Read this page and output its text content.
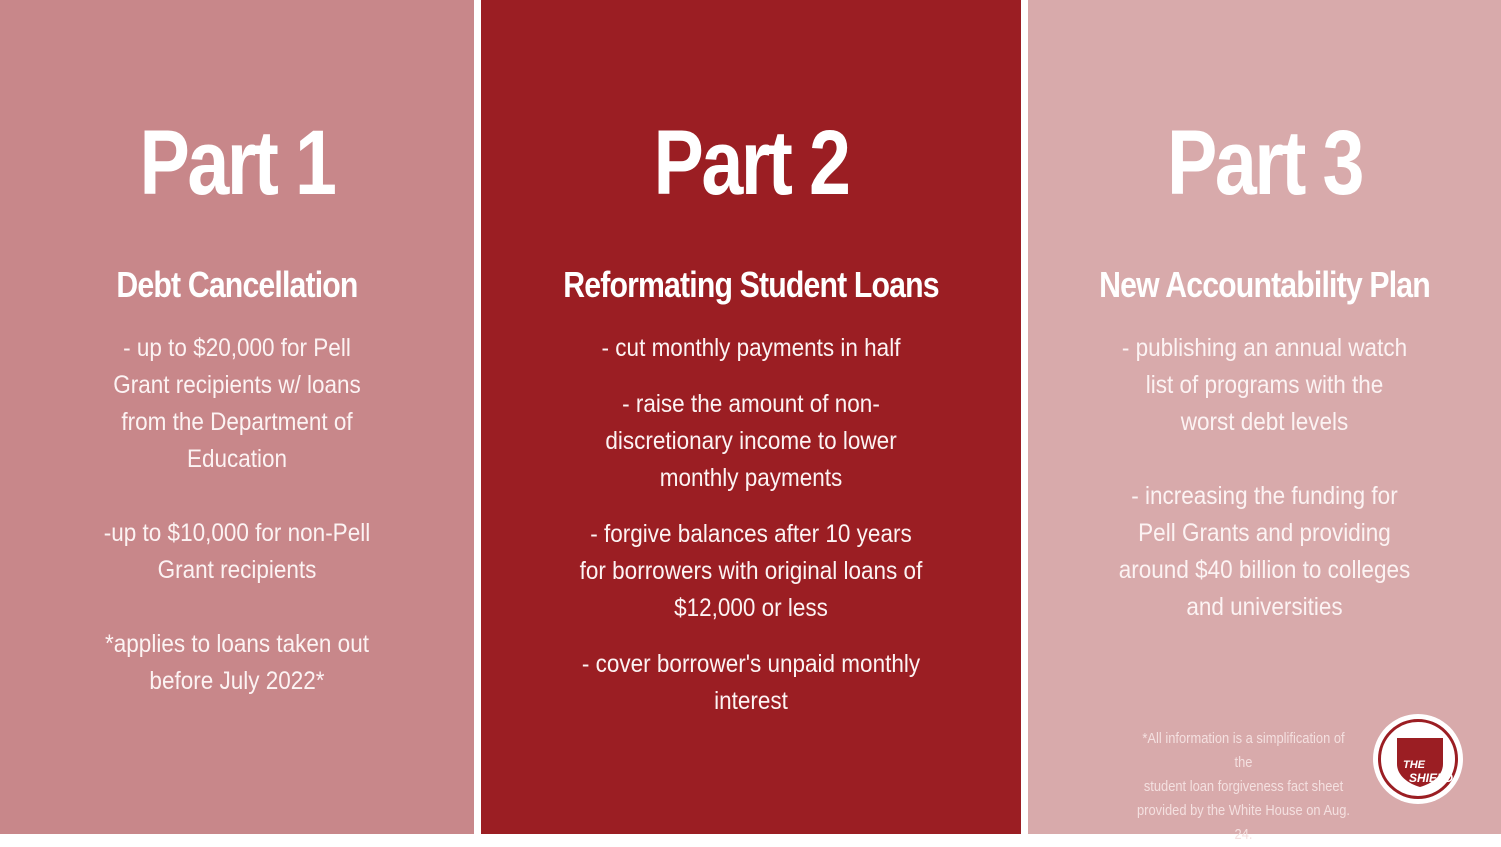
Part 1
Debt Cancellation

- up to $20,000 for Pell
Grant recipients w/ loans
from the Department of
Education

-up to $10,000 for non-Pell
Grant recipients

*applies to loans taken out
before July 2022*

Part 2
Reformating Student Loans

- cut monthly payments in half

- raise the amount of non-
discretionary income to lower
monthly payments

- forgive balances after 10 years
for borrowers with original loans of
$12,000 or less

- cover borrower's unpaid monthly
interest

Part 3
New Accountability Plan

- publishing an annual watch
list of programs with the
worst debt levels

- increasing the funding for
Pell Grants and providing
around $40 billion to colleges
and universities

*All information is a simplification of the
student loan forgiveness fact sheet
provided by the White House on Aug. 24.
THE
SHIELD
